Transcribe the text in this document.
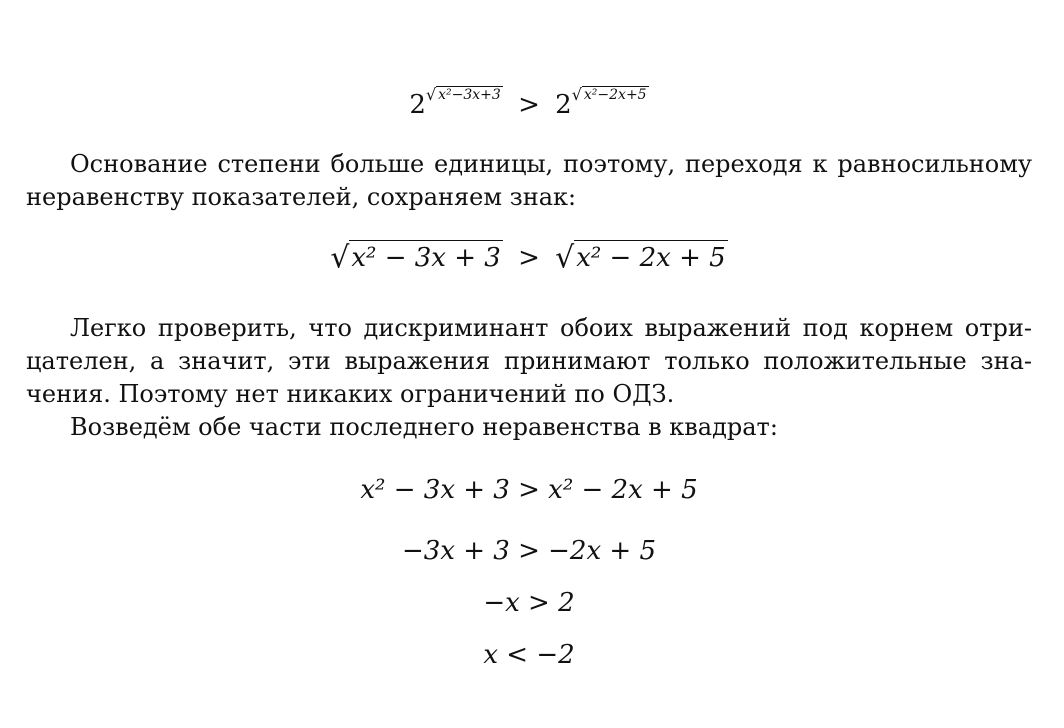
$2^{√ x^2-3x+3} > 2^{√ x^2-2x+5}$

Основание степени больше единицы, поэтому, переходя к равносильному
неравенству показателей, сохраняем знак:

√x² − 3x + 3 > √x² − 2x + 5

Легко проверить, что дискриминант обоих выражений под корнем отри-
цателен, а значит, эти выражения принимают только положительные зна-
чения. Поэтому нет никаких ограничений по ОДЗ.

Возведём обе части последнего неравенства в квадрат:

x² − 3x + 3 > x² − 2x + 5
−3x + 3 > −2x + 5
−x > 2
x < −2
